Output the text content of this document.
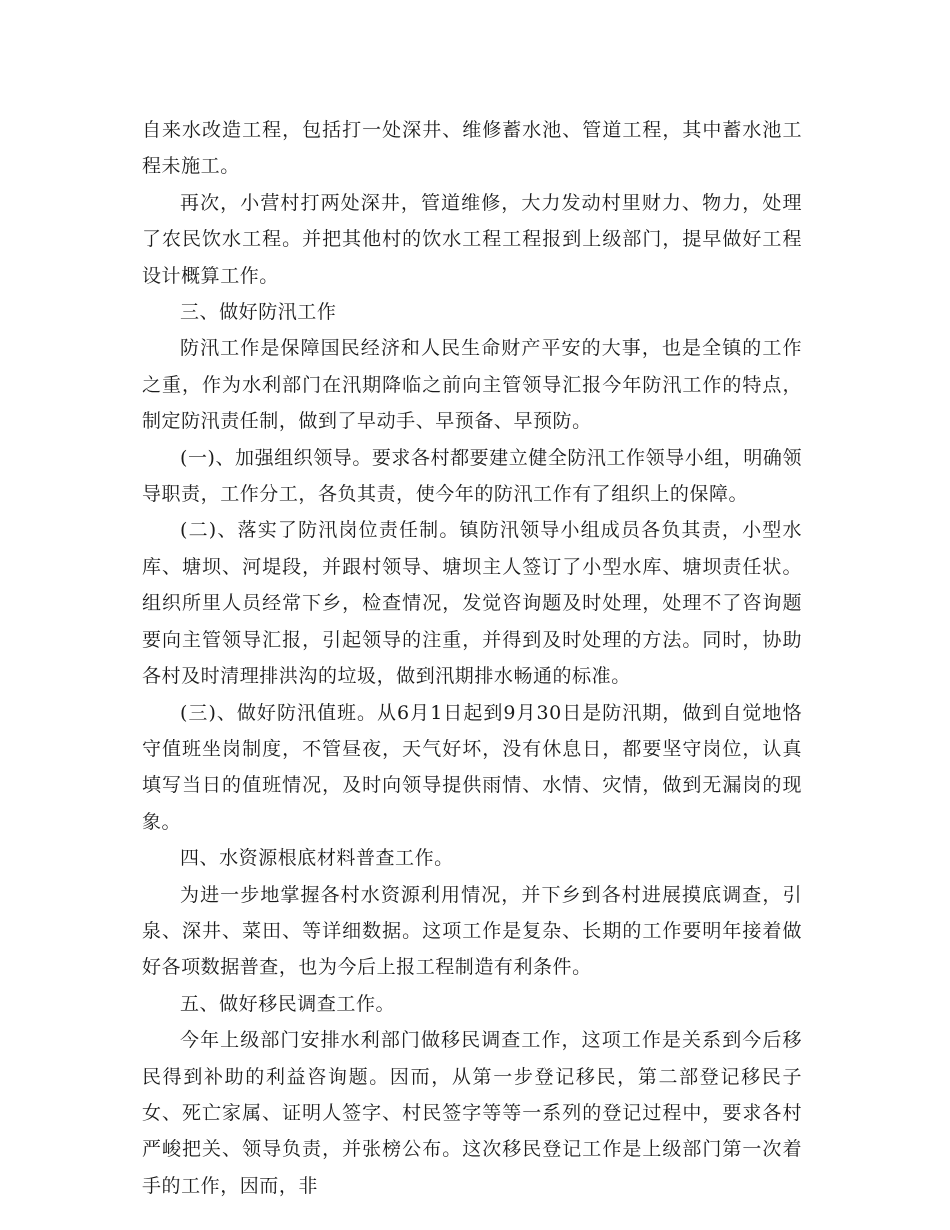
自来水改造工程，包括打一处深井、维修蓄水池、管道工程，其中蓄水池工程未施工。

再次，小营村打两处深井，管道维修，大力发动村里财力、物力，处理了农民饮水工程。并把其他村的饮水工程工程报到上级部门，提早做好工程设计概算工作。

三、做好防汛工作

防汛工作是保障国民经济和人民生命财产平安的大事，也是全镇的工作之重，作为水利部门在汛期降临之前向主管领导汇报今年防汛工作的特点，制定防汛责任制，做到了早动手、早预备、早预防。

(一)、加强组织领导。要求各村都要建立健全防汛工作领导小组，明确领导职责，工作分工，各负其责，使今年的防汛工作有了组织上的保障。

(二)、落实了防汛岗位责任制。镇防汛领导小组成员各负其责，小型水库、塘坝、河堤段，并跟村领导、塘坝主人签订了小型水库、塘坝责任状。组织所里人员经常下乡，检查情况，发觉咨询题及时处理，处理不了咨询题要向主管领导汇报，引起领导的注重，并得到及时处理的方法。同时，协助各村及时清理排洪沟的垃圾，做到汛期排水畅通的标准。

(三)、做好防汛值班。从6月1日起到9月30日是防汛期，做到自觉地恪守值班坐岗制度，不管昼夜，天气好坏，没有休息日，都要坚守岗位，认真填写当日的值班情况，及时向领导提供雨情、水情、灾情，做到无漏岗的现象。

四、水资源根底材料普查工作。

为进一步地掌握各村水资源利用情况，并下乡到各村进展摸底调查，引泉、深井、菜田、等详细数据。这项工作是复杂、长期的工作要明年接着做好各项数据普查，也为今后上报工程制造有利条件。

五、做好移民调查工作。

今年上级部门安排水利部门做移民调查工作，这项工作是关系到今后移民得到补助的利益咨询题。因而，从第一步登记移民，第二部登记移民子女、死亡家属、证明人签字、村民签字等等一系列的登记过程中，要求各村严峻把关、领导负责，并张榜公布。这次移民登记工作是上级部门第一次着手的工作，因而，非
